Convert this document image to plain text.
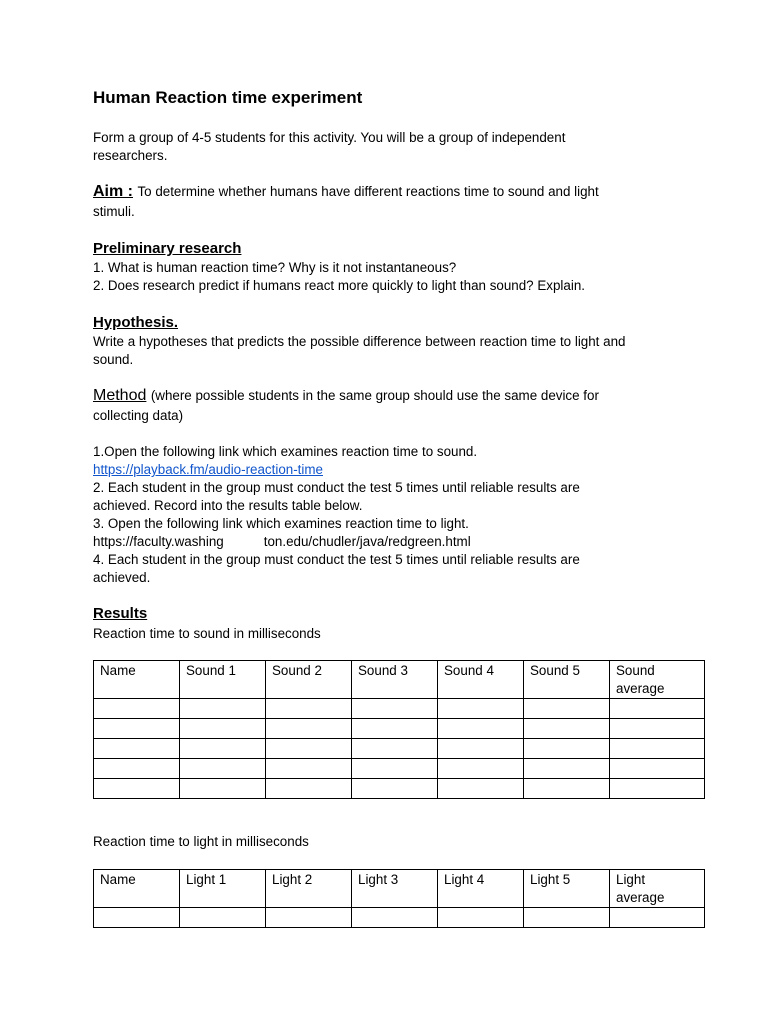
Human Reaction time experiment

Form a group of 4-5 students for this activity. You will be a group of independent

researchers.

Aim : To determine whether humans have different reactions time to sound and light

stimuli.

Preliminary research

1. What is human reaction time? Why is it not instantaneous?

2. Does research predict if humans react more quickly to light than sound? Explain.

Hypothesis.

Write a hypotheses that predicts the possible difference between reaction time to light and

sound.

Method (where possible students in the same group should use the same device for

collecting data)

1.Open the following link which examines reaction time to sound.

https://playback.fm/audio-reaction-time

2. Each student in the group must conduct the test 5 times until reliable results are

achieved. Record into the results table below.

3. Open the following link which examines reaction time to light.

https://faculty.washing	ton.edu/chudler/java/redgreen.html

4. Each student in the group must conduct the test 5 times until reliable results are

achieved.

Results

Reaction time to sound in milliseconds

Name	Sound 1	Sound 2	Sound 3	Sound 4	Sound 5	Sound
average

Reaction time to light in milliseconds

Name	Light 1	Light 2	Light 3	Light 4	Light 5	Light
average
